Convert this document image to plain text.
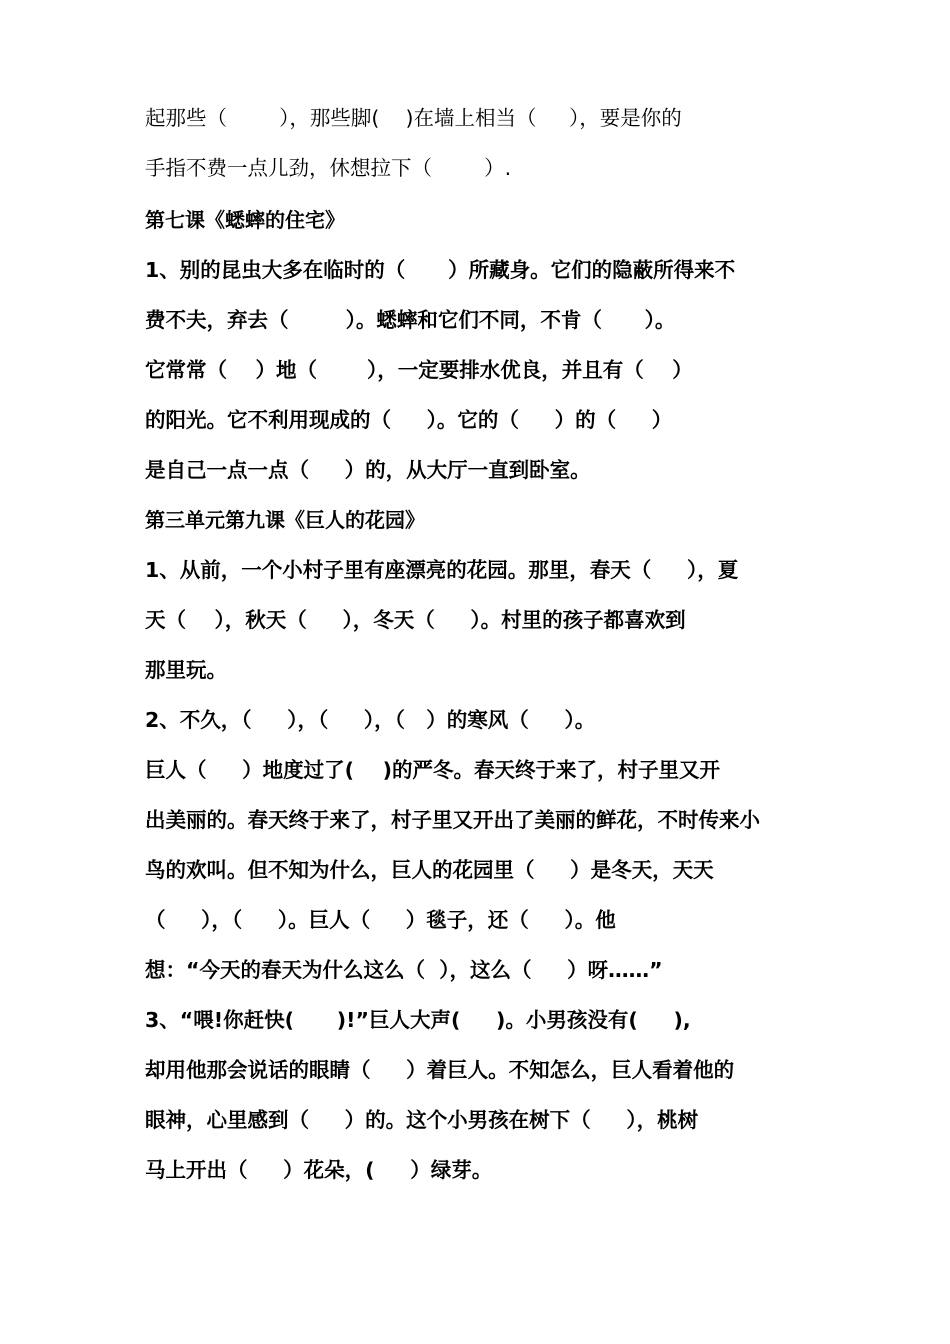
起那些（        ），那些脚(    )在墙上相当（     ），要是你的
手指不费一点儿劲，休想拉下（        ）.
第七课《蟋蟀的住宅》
1、别的昆虫大多在临时的（      ）所藏身。它们的隐蔽所得来不
费不夫，弃去（        ）。蟋蟀和它们不同，不肯（      ）。
它常常（    ）地（       ），一定要排水优良，并且有（    ）
的阳光。它不利用现成的（     ）。它的（     ）的（     ）
是自己一点一点（     ）的，从大厅一直到卧室。
第三单元第九课《巨人的花园》
1、从前，一个小村子里有座漂亮的花园。那里，春天（     ），夏
天（    ），秋天（     ），冬天（     ）。村里的孩子都喜欢到
那里玩。
2、不久，（     ），（     ），（   ）的寒风（     ）。
巨人（     ）地度过了(    )的严冬。春天终于来了，村子里又开
出美丽的。春天终于来了，村子里又开出了美丽的鲜花，不时传来小
鸟的欢叫。但不知为什么，巨人的花园里（     ）是冬天，天天
（     ），（     ）。巨人（     ）毯子，还（     ）。他
想：“今天的春天为什么这么（  ），这么（     ）呀……”
3、“喂!你赶快(      )!”巨人大声(     )。小男孩没有(     ),
却用他那会说话的眼睛（     ）着巨人。不知怎么，巨人看着他的
眼神，心里感到（     ）的。这个小男孩在树下（     ），桃树
马上开出（     ）花朵，(     ）绿芽。
